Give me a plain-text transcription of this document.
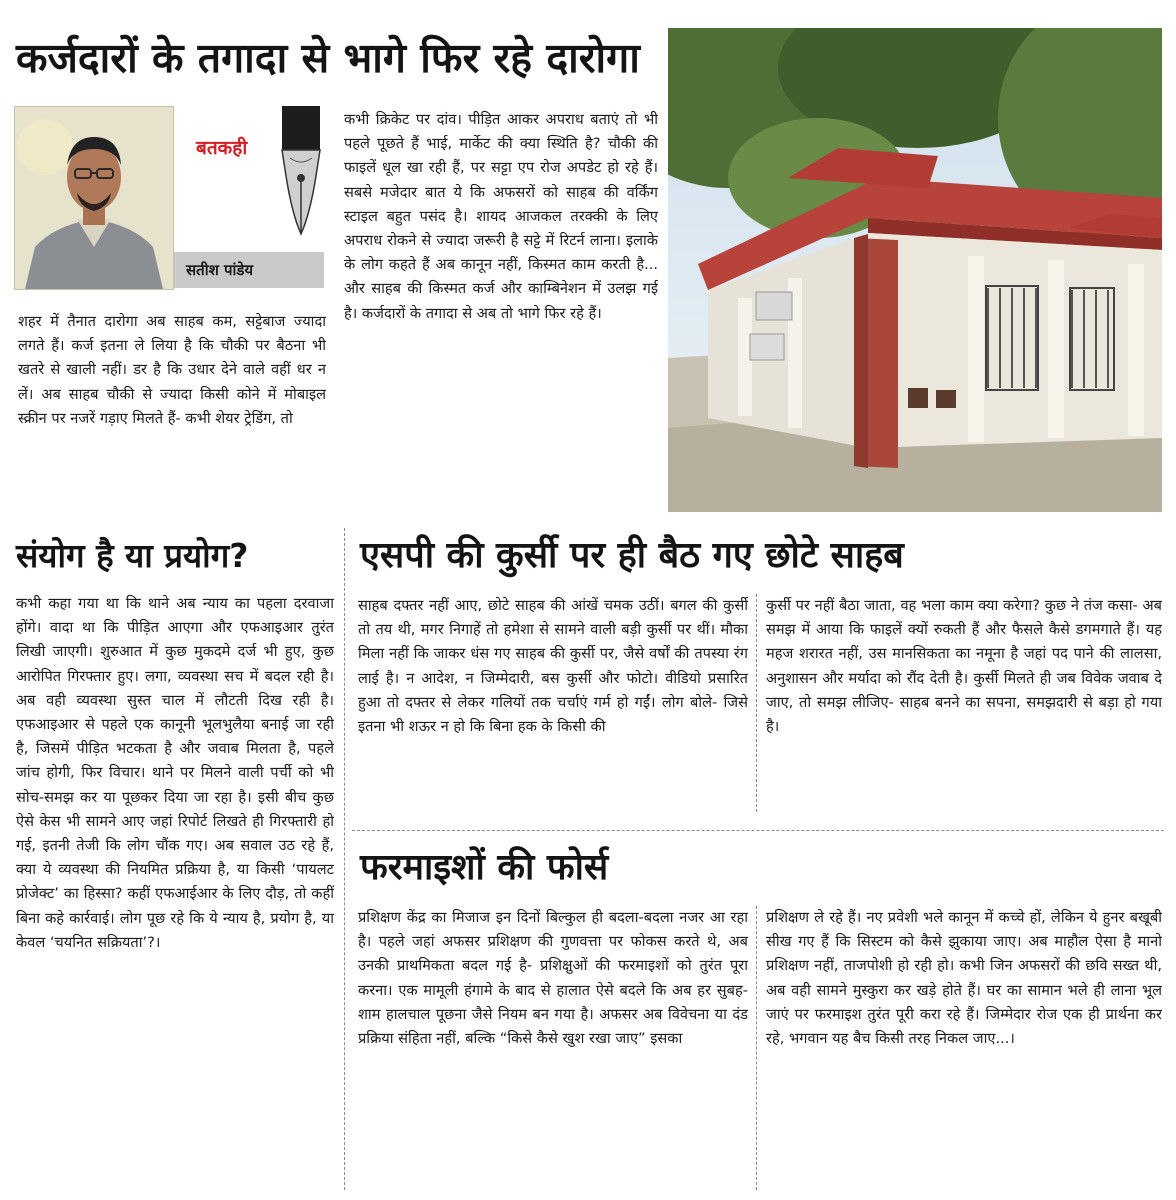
कर्जदारों के तगादा से भागे फिर रहे दारोगा
बतकही
सतीश पांडेय

शहर में तैनात दारोगा अब साहब कम, सट्टेबाज ज्यादा लगते हैं। कर्ज इतना ले लिया है कि चौकी पर बैठना भी खतरे से खाली नहीं। डर है कि उधार देने वाले वहीं धर न लें। अब साहब चौकी से ज्यादा किसी कोने में मोबाइल स्क्रीन पर नजरें गड़ाए मिलते हैं- कभी शेयर ट्रेडिंग, तो

कभी क्रिकेट पर दांव। पीड़ित आकर अपराध बताएं तो भी पहले पूछते हैं भाई, मार्केट की क्या स्थिति है? चौकी की फाइलें धूल खा रही हैं, पर सट्टा एप रोज अपडेट हो रहे हैं। सबसे मजेदार बात ये कि अफसरों को साहब की वर्किंग स्टाइल बहुत पसंद है। शायद आजकल तरक्की के लिए अपराध रोकने से ज्यादा जरूरी है सट्टे में रिटर्न लाना। इलाके के लोग कहते हैं अब कानून नहीं, किस्मत काम करती है... और साहब की किस्मत कर्ज और काम्बिनेशन में उलझ गई है। कर्जदारों के तगादा से अब तो भागे फिर रहे हैं।

संयोग है या प्रयोग?

कभी कहा गया था कि थाने अब न्याय का पहला दरवाजा होंगे। वादा था कि पीड़ित आएगा और एफआइआर तुरंत लिखी जाएगी। शुरुआत में कुछ मुकदमे दर्ज भी हुए, कुछ आरोपित गिरफ्तार हुए। लगा, व्यवस्था सच में बदल रही है। अब वही व्यवस्था सुस्त चाल में लौटती दिख रही है। एफआइआर से पहले एक कानूनी भूलभुलैया बनाई जा रही है, जिसमें पीड़ित भटकता है और जवाब मिलता है, पहले जांच होगी, फिर विचार। थाने पर मिलने वाली पर्ची को भी सोच-समझ कर या पूछकर दिया जा रहा है। इसी बीच कुछ ऐसे केस भी सामने आए जहां रिपोर्ट लिखते ही गिरफ्तारी हो गई, इतनी तेजी कि लोग चौंक गए। अब सवाल उठ रहे हैं, क्या ये व्यवस्था की नियमित प्रक्रिया है, या किसी ‘पायलट प्रोजेक्ट’ का हिस्सा? कहीं एफआईआर के लिए दौड़, तो कहीं बिना कहे कार्रवाई। लोग पूछ रहे कि ये न्याय है, प्रयोग है, या केवल ‘चयनित सक्रियता’?।

एसपी की कुर्सी पर ही बैठ गए छोटे साहब

साहब दफ्तर नहीं आए, छोटे साहब की आंखें चमक उठीं। बगल की कुर्सी तो तय थी, मगर निगाहें तो हमेशा से सामने वाली बड़ी कुर्सी पर थीं। मौका मिला नहीं कि जाकर धंस गए साहब की कुर्सी पर, जैसे वर्षों की तपस्या रंग लाई है। न आदेश, न जिम्मेदारी, बस कुर्सी और फोटो। वीडियो प्रसारित हुआ तो दफ्तर से लेकर गलियों तक चर्चाएं गर्म हो गईं। लोग बोले- जिसे इतना भी शऊर न हो कि बिना हक के किसी की

कुर्सी पर नहीं बैठा जाता, वह भला काम क्या करेगा? कुछ ने तंज कसा- अब समझ में आया कि फाइलें क्यों रुकती हैं और फैसले कैसे डगमगाते हैं। यह महज शरारत नहीं, उस मानसिकता का नमूना है जहां पद पाने की लालसा, अनुशासन और मर्यादा को रौंद देती है। कुर्सी मिलते ही जब विवेक जवाब दे जाए, तो समझ लीजिए- साहब बनने का सपना, समझदारी से बड़ा हो गया है।

फरमाइशों की फोर्स

प्रशिक्षण केंद्र का मिजाज इन दिनों बिल्कुल ही बदला-बदला नजर आ रहा है। पहले जहां अफसर प्रशिक्षण की गुणवत्ता पर फोकस करते थे, अब उनकी प्राथमिकता बदल गई है- प्रशिक्षुओं की फरमाइशों को तुरंत पूरा करना। एक मामूली हंगामे के बाद से हालात ऐसे बदले कि अब हर सुबह-शाम हालचाल पूछना जैसे नियम बन गया है। अफसर अब विवेचना या दंड प्रक्रिया संहिता नहीं, बल्कि “किसे कैसे खुश रखा जाए” इसका

प्रशिक्षण ले रहे हैं। नए प्रवेशी भले कानून में कच्चे हों, लेकिन ये हुनर बखूबी सीख गए हैं कि सिस्टम को कैसे झुकाया जाए। अब माहौल ऐसा है मानो प्रशिक्षण नहीं, ताजपोशी हो रही हो। कभी जिन अफसरों की छवि सख्त थी, अब वही सामने मुस्कुरा कर खड़े होते हैं। घर का सामान भले ही लाना भूल जाएं पर फरमाइश तुरंत पूरी करा रहे हैं। जिम्मेदार रोज एक ही प्रार्थना कर रहे, भगवान यह बैच किसी तरह निकल जाए...।
